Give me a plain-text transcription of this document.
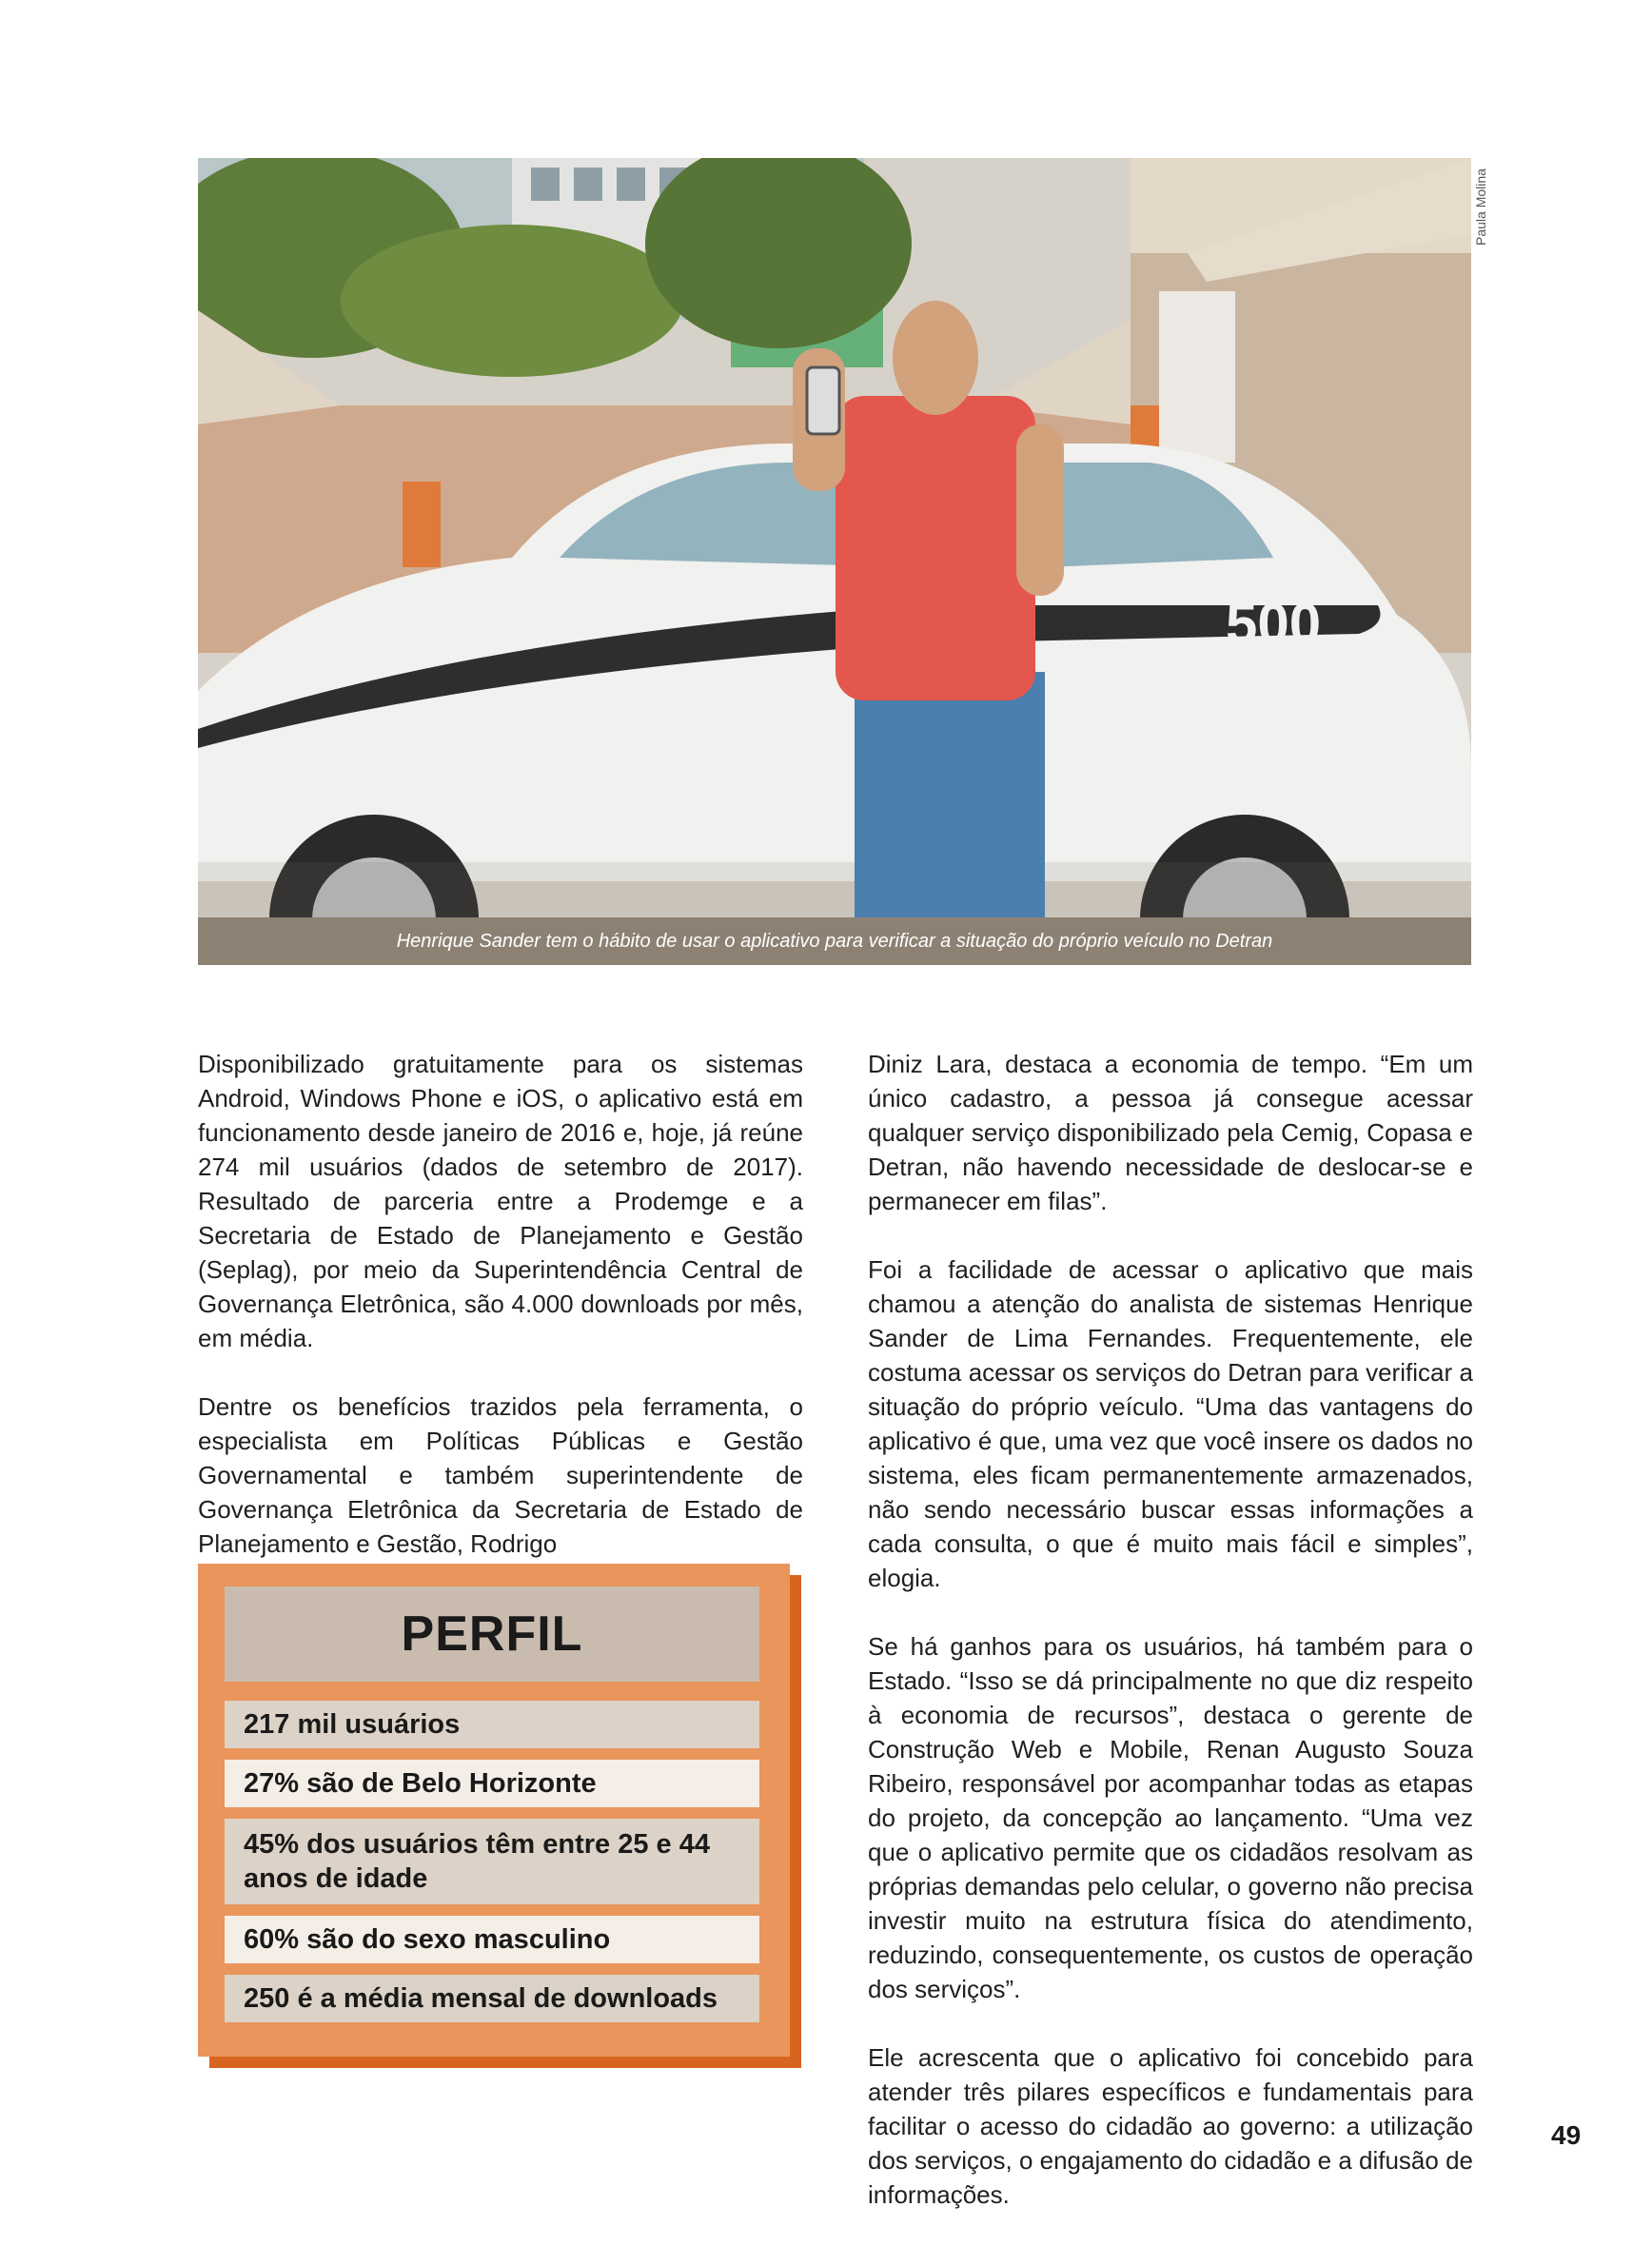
500
Henrique Sander tem o hábito de usar o aplicativo para verificar a situação do próprio veículo no Detran
Paula Molina

Disponibilizado gratuitamente para os sistemas Android, Windows Phone e iOS, o aplicativo está em funcionamento desde janeiro de 2016 e, hoje, já reúne 274 mil usuários (dados de setembro de 2017). Resultado de parceria entre a Prodemge e a Secretaria de Estado de Planejamento e Gestão (Seplag), por meio da Superintendência Central de Governança Eletrônica, são 4.000 downloads por mês, em média.

Dentre os benefícios trazidos pela ferramenta, o especialista em Políticas Públicas e Gestão Governamental e também superintendente de Governança Eletrônica da Secretaria de Estado de Planejamento e Gestão, Rodrigo

Diniz Lara, destaca a economia de tempo. “Em um único cadastro, a pessoa já consegue acessar qualquer serviço disponibilizado pela Cemig, Copasa e Detran, não havendo necessidade de deslocar-se e permanecer em filas”.

Foi a facilidade de acessar o aplicativo que mais chamou a atenção do analista de sistemas Henrique Sander de Lima Fernandes. Frequentemente, ele costuma acessar os serviços do Detran para verificar a situação do próprio veículo. “Uma das vantagens do aplicativo é que, uma vez que você insere os dados no sistema, eles ficam permanentemente armazenados, não sendo necessário buscar essas informações a cada consulta, o que é muito mais fácil e simples”, elogia.

Se há ganhos para os usuários, há também para o Estado. “Isso se dá principalmente no que diz respeito à economia de recursos”, destaca o gerente de Construção Web e Mobile, Renan Augusto Souza Ribeiro, responsável por acompanhar todas as etapas do projeto, da concepção ao lançamento. “Uma vez que o aplicativo permite que os cidadãos resolvam as próprias demandas pelo celular, o governo não precisa investir muito na estrutura física do atendimento, reduzindo, consequentemente, os custos de operação dos serviços”.

Ele acrescenta que o aplicativo foi concebido para atender três pilares específicos e fundamentais para facilitar o acesso do cidadão ao governo: a utilização dos serviços, o engajamento do cidadão e a difusão de informações.

PERFIL
217 mil usuários
27% são de Belo Horizonte
45% dos usuários têm entre 25 e 44 anos de idade
60% são do sexo masculino
250 é a média mensal de downloads
49
